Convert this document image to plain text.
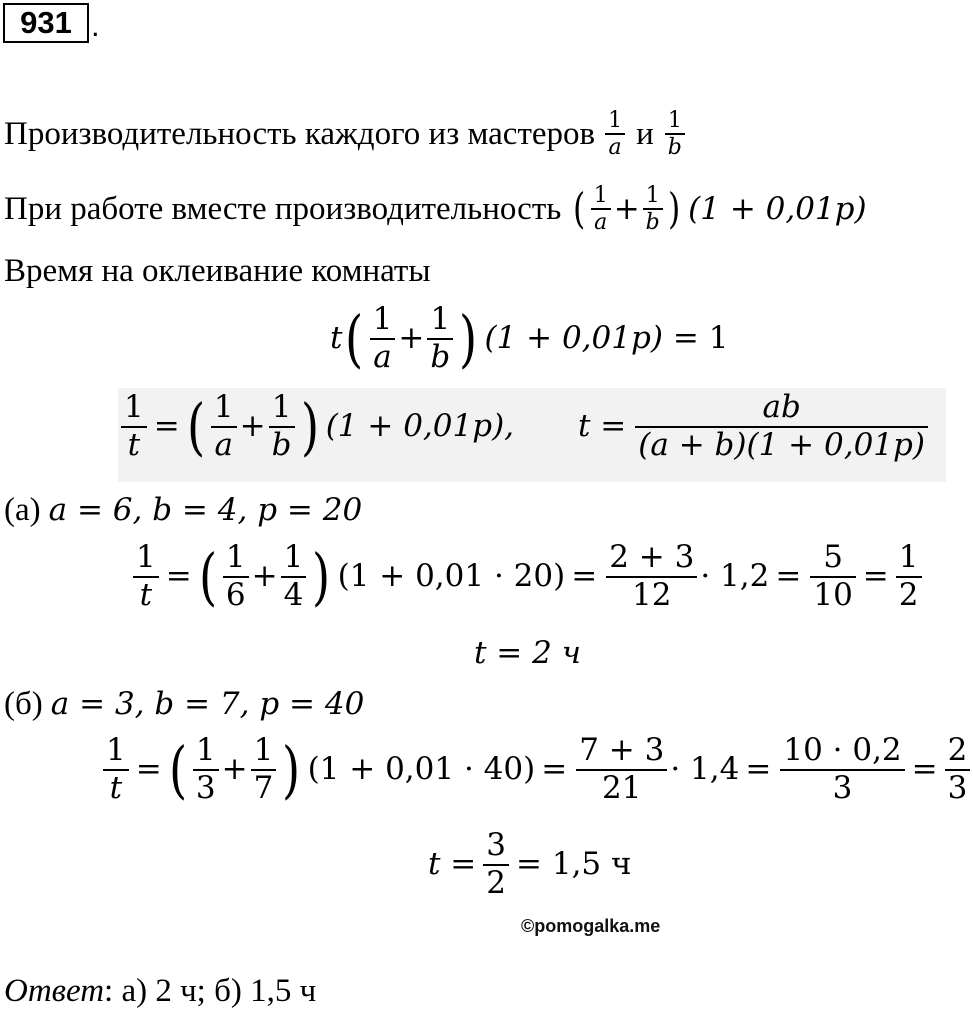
931 .
Производительность каждого из мастеров $\frac{1}{a}$ и $\frac{1}{b}$
При работе вместе производительность ( $\frac{1}{a} + \frac{1}{b}$ ) (1 + 0,01p)
Время на оклеивание комнаты
t ( $\frac{1}{a} + \frac{1}{b}$ ) (1 + 0,01p) = 1
$\frac{1}{t}$ = ( $\frac{1}{a} + \frac{1}{b}$ ) (1 + 0,01p), $t = \frac{ab}{(a + b)(1 + 0,01p)}$
(а) a = 6, b = 4, p = 20
$\frac{1}{t}$ = ( $\frac{1}{6} + \frac{1}{4}$ ) $(1 + 0,01 \cdot 20) = \frac{2 + 3}{12} \cdot 1,2 = \frac{5}{10} = \frac{1}{2}$
t = 2 ч
(б) a = 3, b = 7, p = 40
$\frac{1}{t}$ = ( $\frac{1}{3} + \frac{1}{7}$ ) $(1 + 0,01 \cdot 40) = \frac{7 + 3}{21} \cdot 1,4 = \frac{10 \cdot 0,2}{3} = \frac{2}{3}$
$t = \frac{3}{2} = 1,5$ ч
©pomogalka.me
Ответ : а) 2 ч; б) 1,5 ч
